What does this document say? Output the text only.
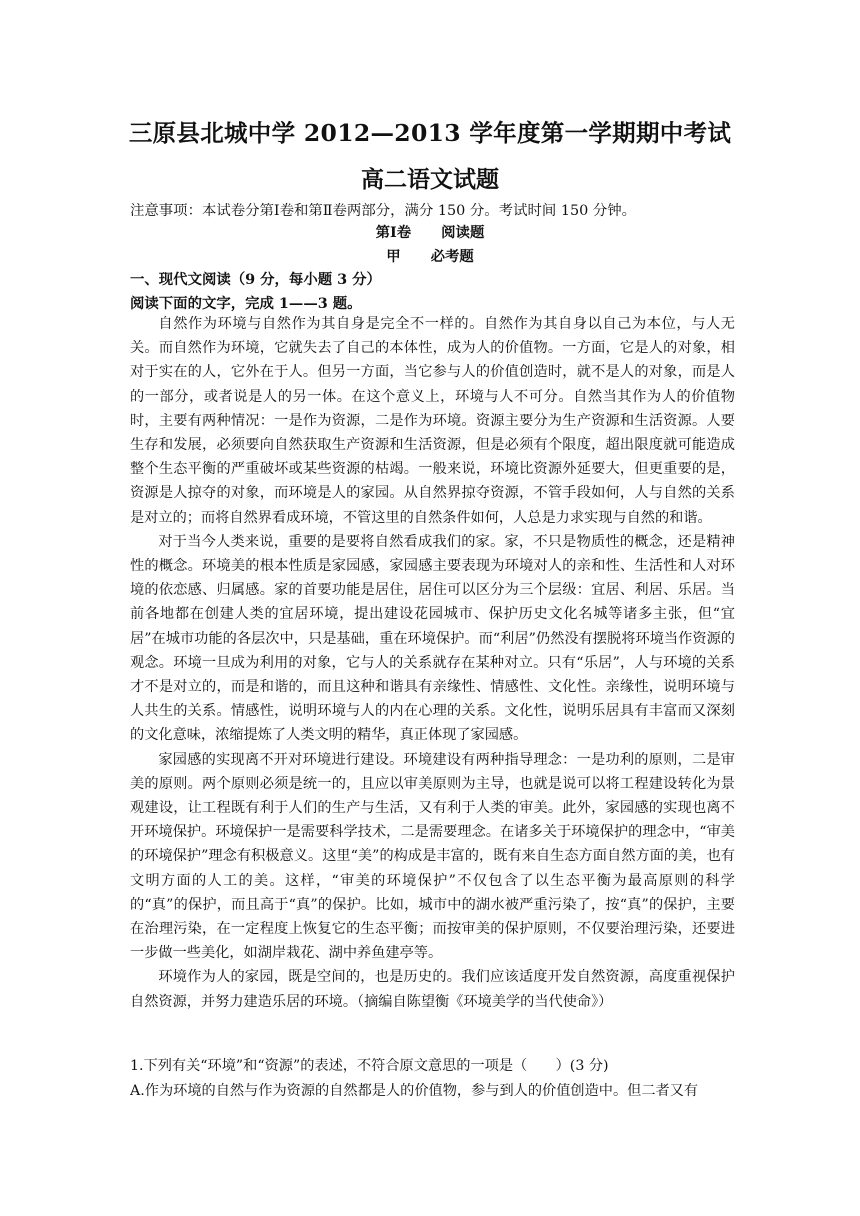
三原县北城中学 2012—2013 学年度第一学期期中考试
高二语文试题
注意事项：本试卷分第Ⅰ卷和第Ⅱ卷两部分，满分 150 分。考试时间 150 分钟。
第Ⅰ卷 阅读题
甲 必考题
一、现代文阅读（9 分，每小题 3 分）
阅读下面的文字，完成 1——3 题。

自然作为环境与自然作为其自身是完全不一样的。自然作为其自身以自己为本位，与人无关。而自然作为环境，它就失去了自己的本体性，成为人的价值物。一方面，它是人的对象，相对于实在的人，它外在于人。但另一方面，当它参与人的价值创造时，就不是人的对象，而是人的一部分，或者说是人的另一体。在这个意义上，环境与人不可分。自然当其作为人的价值物时，主要有两种情况：一是作为资源，二是作为环境。资源主要分为生产资源和生活资源。人要生存和发展，必须要向自然获取生产资源和生活资源，但是必须有个限度，超出限度就可能造成整个生态平衡的严重破坏或某些资源的枯竭。一般来说，环境比资源外延要大，但更重要的是，资源是人掠夺的对象，而环境是人的家园。从自然界掠夺资源，不管手段如何，人与自然的关系是对立的；而将自然界看成环境，不管这里的自然条件如何，人总是力求实现与自然的和谐。

对于当今人类来说，重要的是要将自然看成我们的家。家，不只是物质性的概念，还是精神性的概念。环境美的根本性质是家园感，家园感主要表现为环境对人的亲和性、生活性和人对环境的依恋感、归属感。家的首要功能是居住，居住可以区分为三个层级：宜居、利居、乐居。当前各地都在创建人类的宜居环境，提出建设花园城市、保护历史文化名城等诸多主张，但“宜居”在城市功能的各层次中，只是基础，重在环境保护。而“利居”仍然没有摆脱将环境当作资源的观念。环境一旦成为利用的对象，它与人的关系就存在某种对立。只有“乐居”，人与环境的关系才不是对立的，而是和谐的，而且这种和谐具有亲缘性、情感性、文化性。亲缘性，说明环境与人共生的关系。情感性，说明环境与人的内在心理的关系。文化性，说明乐居具有丰富而又深刻的文化意味，浓缩提炼了人类文明的精华，真正体现了家园感。

家园感的实现离不开对环境进行建设。环境建设有两种指导理念：一是功利的原则，二是审美的原则。两个原则必须是统一的，且应以审美原则为主导，也就是说可以将工程建设转化为景观建设，让工程既有利于人们的生产与生活，又有利于人类的审美。此外，家园感的实现也离不开环境保护。环境保护一是需要科学技术，二是需要理念。在诸多关于环境保护的理念中，“审美的环境保护”理念有积极意义。这里“美”的构成是丰富的，既有来自生态方面自然方面的美，也有文明方面的人工的美。这样，“审美的环境保护”不仅包含了以生态平衡为最高原则的科学的“真”的保护，而且高于“真”的保护。比如，城市中的湖水被严重污染了，按“真”的保护，主要在治理污染，在一定程度上恢复它的生态平衡；而按审美的保护原则，不仅要治理污染，还要进一步做一些美化，如湖岸栽花、湖中养鱼建亭等。

环境作为人的家园，既是空间的，也是历史的。我们应该适度开发自然资源，高度重视保护自然资源，并努力建造乐居的环境。（摘编自陈望衡《环境美学的当代使命》）

1.下列有关“环境”和“资源”的表述，不符合原文意思的一项是（　　）(3 分)
A.作为环境的自然与作为资源的自然都是人的价值物，参与到人的价值创造中。但二者又有
